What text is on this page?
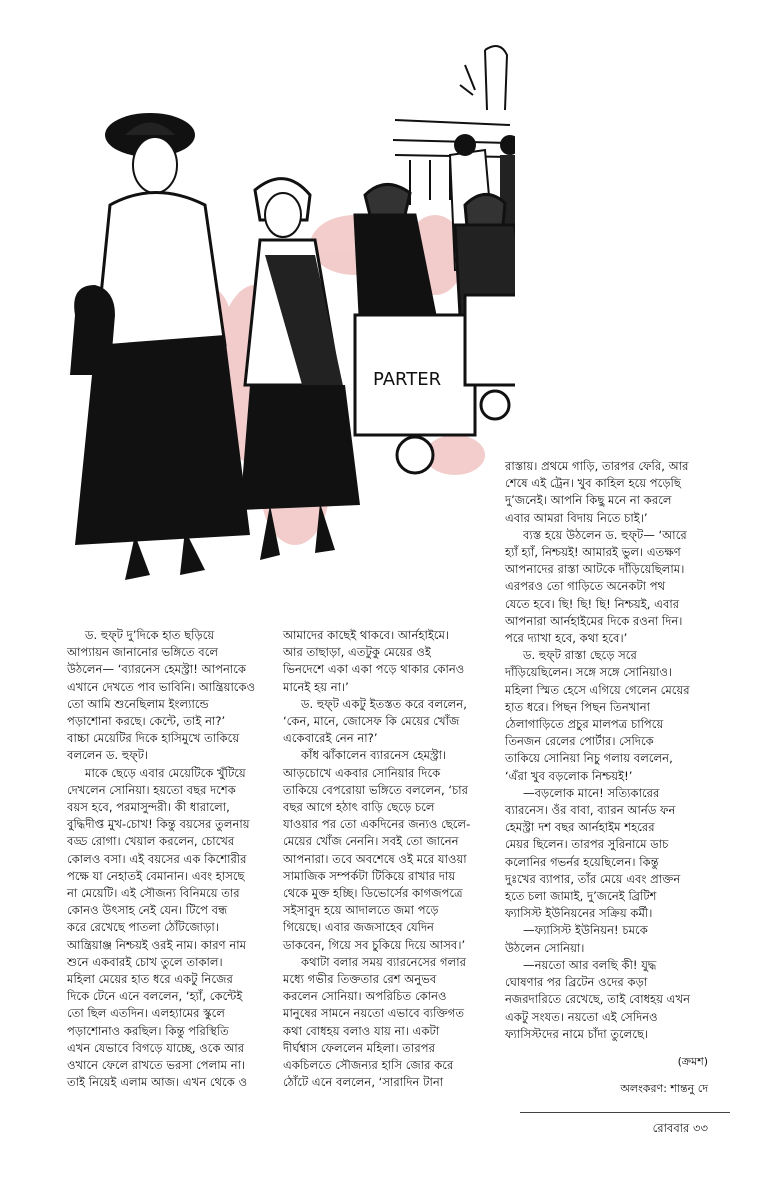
PARTER

ড. হুফ্‌ট দু’দিকে হাত ছড়িয়ে

আপ্যায়ন জানানোর ভঙ্গিতে বলে

উঠলেন— ‘ব্যারনেস হেমস্ট্রা! আপনাকে

এখানে দেখতে পাব ভাবিনি। আন্ত্রিয়াকেও

তো আমি শুনেছিলাম ইংল্যান্ডে

পড়াশোনা করছে। কেন্টে, তাই না?’

বাচ্চা মেয়েটির দিকে হাসিমুখে তাকিয়ে

বললেন ড. হুফ্‌ট।

মাকে ছেড়ে এবার মেয়েটিকে খুঁটিয়ে

দেখলেন সোনিয়া। হয়তো বছর দশেক

বয়স হবে, পরমাসুন্দরী। কী ধারালো,

বুদ্ধিদীপ্ত মুখ-চোখ! কিন্তু বয়সের তুলনায়

বড্ড রোগা। খেয়াল করলেন, চোখের

কোলও বসা। এই বয়সের এক কিশোরীর

পক্ষে যা নেহাতই বেমানান। এবং হাসছে

না মেয়েটি। এই সৌজন্য বিনিময়ে তার

কোনও উৎসাহ নেই যেন। টিপে বন্ধ

করে রেখেছে পাতলা ঠোঁটজোড়া।

আন্ত্রিয়াঞ্জ নিশ্চয়ই ওরই নাম। কারণ নাম

শুনে একবারই চোখ তুলে তাকাল।

মহিলা মেয়ের হাত ধরে একটু নিজের

দিকে টেনে এনে বললেন, ‘হ্যাঁ, কেন্টেই

তো ছিল এতদিন। এলহ্যামের স্কুলে

পড়াশোনাও করছিল। কিন্তু পরিস্থিতি

এখন যেভাবে বিগড়ে যাচ্ছে, ওকে আর

ওখানে ফেলে রাখতে ভরসা পেলাম না।

তাই নিয়েই এলাম আজ। এখন থেকে ও

আমাদের কাছেই থাকবে। আর্নহাইমে।

আর তাছাড়া, এতটুকু মেয়ের ওই

ভিনদেশে একা একা পড়ে থাকার কোনও

মানেই হয় না।’

ড. হুফ্‌ট একটু ইতস্তত করে বললেন,

‘কেন, মানে, জোসেফ কি মেয়ের খোঁজ

একেবারেই নেন না?’

কাঁধ ঝাঁকালেন ব্যারনেস হেমস্ট্রা।

আড়চোখে একবার সোনিয়ার দিকে

তাকিয়ে বেপরোয়া ভঙ্গিতে বললেন, ‘চার

বছর আগে হঠাৎ বাড়ি ছেড়ে চলে

যাওয়ার পর তো একদিনের জন্যও ছেলে-

মেয়ের খোঁজ নেননি। সবই তো জানেন

আপনারা। তবে অবশেষে ওই মরে যাওয়া

সামাজিক সম্পর্কটা টিকিয়ে রাখার দায়

থেকে মুক্ত হচ্ছি। ডিভোর্সের কাগজপত্রে

সইসাবুদ হয়ে আদালতে জমা পড়ে

গিয়েছে। এবার জজসাহেব যেদিন

ডাকবেন, গিয়ে সব চুকিয়ে দিয়ে আসব।’

কথাটা বলার সময় ব্যারনেসের গলার

মধ্যে গভীর তিক্ততার রেশ অনুভব

করলেন সোনিয়া। অপরিচিত কোনও

মানুষের সামনে নয়তো এভাবে ব্যক্তিগত

কথা বোধহয় বলাও যায় না। একটা

দীর্ঘশ্বাস ফেললেন মহিলা। তারপর

একচিলতে সৌজন্যর হাসি জোর করে

ঠোঁটে এনে বললেন, ‘সারাদিন টানা

রাস্তায়। প্রথমে গাড়ি, তারপর ফেরি, আর

শেষে এই ট্রেন। খুব কাহিল হয়ে পড়েছি

দু’জনেই। আপনি কিছু মনে না করলে

এবার আমরা বিদায় নিতে চাই।’

ব্যস্ত হয়ে উঠলেন ড. হুফ্‌ট— ‘আরে

হ্যাঁ হ্যাঁ, নিশ্চয়ই! আমারই ভুল। এতক্ষণ

আপনাদের রাস্তা আটকে দাঁড়িয়েছিলাম।

এরপরও তো গাড়িতে অনেকটা পথ

যেতে হবে। ছি! ছি! ছি! নিশ্চয়ই, এবার

আপনারা আর্নহাইমের দিকে রওনা দিন।

পরে দ্যাখা হবে, কথা হবে।’

ড. হুফ্‌ট রাস্তা ছেড়ে সরে

দাঁড়িয়েছিলেন। সঙ্গে সঙ্গে সোনিয়াও।

মহিলা স্মিত হেসে এগিয়ে গেলেন মেয়ের

হাত ধরে। পিছন পিছন তিনখানা

ঠেলাগাড়িতে প্রচুর মালপত্র চাপিয়ে

তিনজন রেলের পোর্টার। সেদিকে

তাকিয়ে সোনিয়া নিচু গলায় বললেন,

‘এঁরা খুব বড়লোক নিশ্চয়ই!’

—বড়লোক মানে! সত্যিকারের

ব্যারনেস। ওঁর বাবা, ব্যারন আর্নড ফন

হেমস্ট্রা দশ বছর আর্নহাইম শহরের

মেয়র ছিলেন। তারপর সুরিনামে ডাচ

কলোনির গভর্নর হয়েছিলেন। কিন্তু

দুঃখের ব্যাপার, তাঁর মেয়ে এবং প্রাক্তন

হতে চলা জামাই, দু’জনেই ব্রিটিশ

ফ্যাসিস্ট ইউনিয়নের সক্রিয় কর্মী।

—ফ্যাসিস্ট ইউনিয়ন! চমকে

উঠলেন সোনিয়া।

—নয়তো আর বলছি কী! যুদ্ধ

ঘোষণার পর ব্রিটেন ওদের কড়া

নজরদারিতে রেখেছে, তাই বোধহয় এখন

একটু সংযত। নয়তো এই সেদিনও

ফ্যাসিস্টদের নামে চাঁদা তুলেছে।

(ক্রমশ)
অলংকরণ: শান্তনু দে
রোববার ৩৩
